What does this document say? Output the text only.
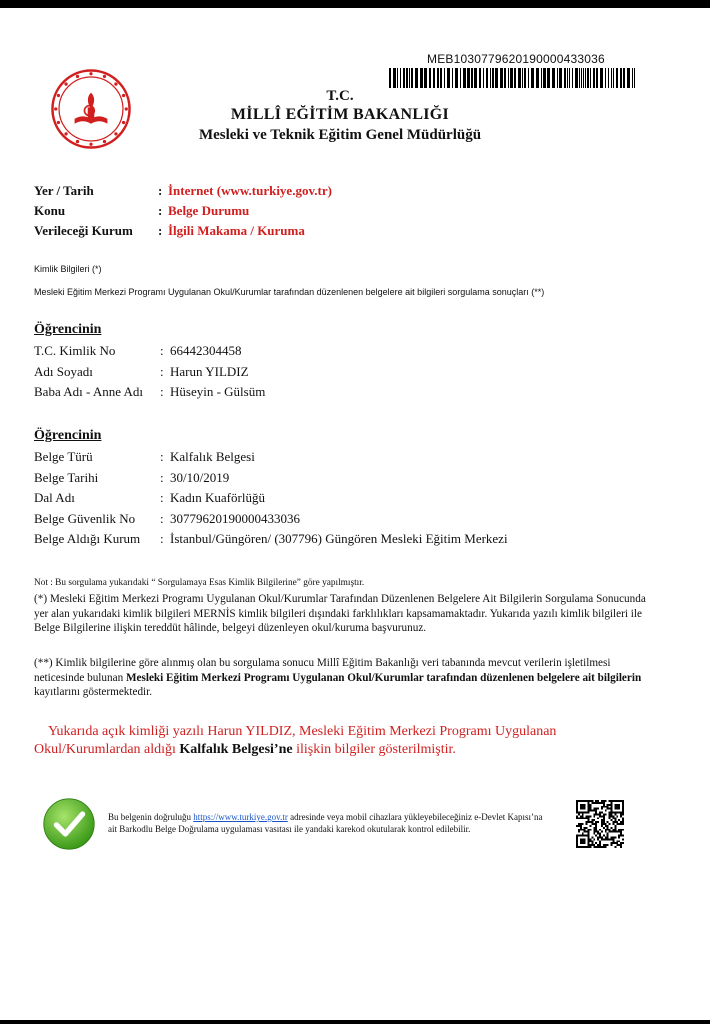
MEB1030779620190000433036
T.C.
MİLLÎ EĞİTİM BAKANLIĞI
Mesleki ve Teknik Eğitim Genel Müdürlüğü
Yer / Tarih	: İnternet (www.turkiye.gov.tr)
Konu	: Belge Durumu
Verileceği Kurum	: İlgili Makama / Kuruma
Kimlik Bilgileri (*)
Mesleki Eğitim Merkezi Programı Uygulanan Okul/Kurumlar tarafından düzenlenen belgelere ait bilgileri sorgulama sonuçları (**)
Öğrencinin
T.C. Kimlik No	: 66442304458
Adı Soyadı	: Harun YILDIZ
Baba Adı - Anne Adı	: Hüseyin - Gülsüm
Öğrencinin
Belge Türü	: Kalfalık Belgesi
Belge Tarihi	: 30/10/2019
Dal Adı	: Kadın Kuaförlüğü
Belge Güvenlik No	: 30779620190000433036
Belge Aldığı Kurum	: İstanbul/Güngören/ (307796) Güngören Mesleki Eğitim Merkezi
Not : Bu sorgulama yukarıdaki “ Sorgulamaya Esas Kimlik Bilgilerine” göre yapılmıştır.
(*) Mesleki Eğitim Merkezi Programı Uygulanan Okul/Kurumlar Tarafından Düzenlenen Belgelere Ait Bilgilerin Sorgulama Sonucunda yer alan yukarıdaki kimlik bilgileri MERNİS kimlik bilgileri dışındaki farklılıkları kapsamamaktadır. Yukarıda yazılı kimlik bilgileri ile Belge Bilgilerine ilişkin tereddüt hâlinde, belgeyi düzenleyen okul/kuruma başvurunuz.
(**) Kimlik bilgilerine göre alınmış olan bu sorgulama sonucu Millî Eğitim Bakanlığı veri tabanında mevcut verilerin işletilmesi neticesinde bulunan Mesleki Eğitim Merkezi Programı Uygulanan Okul/Kurumlar tarafından düzenlenen belgelere ait bilgilerin kayıtlarını göstermektedir.
Yukarıda açık kimliği yazılı Harun YILDIZ, Mesleki Eğitim Merkezi Programı Uygulanan Okul/Kurumlardan aldığı Kalfalık Belgesi’ne ilişkin bilgiler gösterilmiştir.
Bu belgenin doğruluğu https://www.turkiye.gov.tr adresinde veya mobil cihazlara yükleyebileceğiniz e-Devlet Kapısı’na ait Barkodlu Belge Doğrulama uygulaması vasıtası ile yandaki karekod okutularak kontrol edilebilir.
